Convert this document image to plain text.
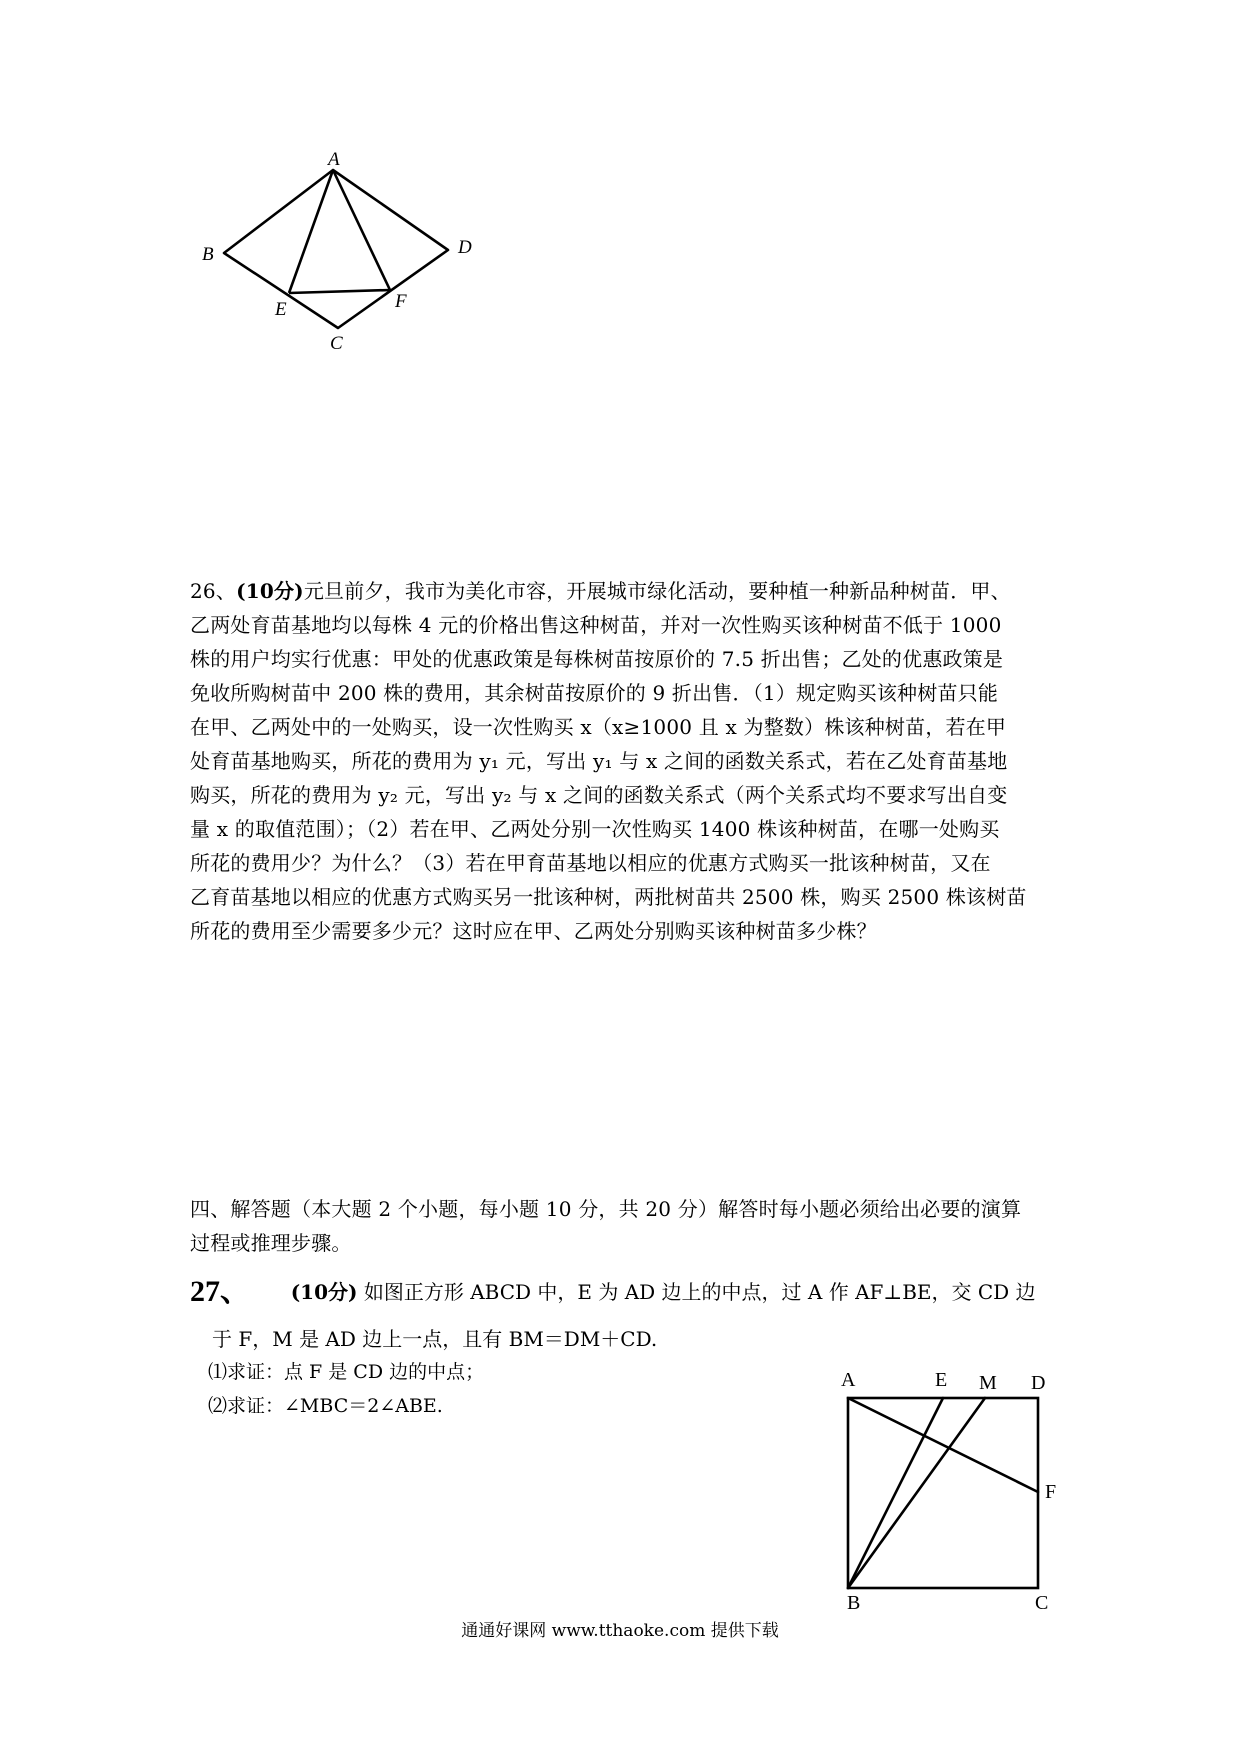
A
B	D
E	F
C
26、(10分)元旦前夕，我市为美化市容，开展城市绿化活动，要种植一种新品种树苗．甲、
乙两处育苗基地均以每株 4 元的价格出售这种树苗，并对一次性购买该种树苗不低于 1000
株的用户均实行优惠：甲处的优惠政策是每株树苗按原价的 7.5 折出售；乙处的优惠政策是
免收所购树苗中 200 株的费用，其余树苗按原价的 9 折出售．（1）规定购买该种树苗只能
在甲、乙两处中的一处购买，设一次性购买 x（x≥1000 且 x 为整数）株该种树苗，若在甲
处育苗基地购买，所花的费用为 y₁ 元，写出 y₁ 与 x 之间的函数关系式，若在乙处育苗基地
购买，所花的费用为 y₂ 元，写出 y₂ 与 x 之间的函数关系式（两个关系式均不要求写出自变
量 x 的取值范围）；（2）若在甲、乙两处分别一次性购买 1400 株该种树苗，在哪一处购买
所花的费用少？为什么？（3）若在甲育苗基地以相应的优惠方式购买一批该种树苗，又在
乙育苗基地以相应的优惠方式购买另一批该种树，两批树苗共 2500 株，购买 2500 株该树苗
所花的费用至少需要多少元？这时应在甲、乙两处分别购买该种树苗多少株？
四、解答题（本大题 2 个小题，每小题 10 分，共 20 分）解答时每小题必须给出必要的演算
过程或推理步骤。
27、 (10分) 如图正方形 ABCD 中，E 为 AD 边上的中点，过 A 作 AF⊥BE，交 CD 边
于 F，M 是 AD 边上一点，且有 BM＝DM＋CD.
⑴求证：点 F 是 CD 边的中点；
⑵求证：∠MBC＝2∠ABE.
A	E M D
F
B	C
通通好课网 www.tthaoke.com 提供下载
